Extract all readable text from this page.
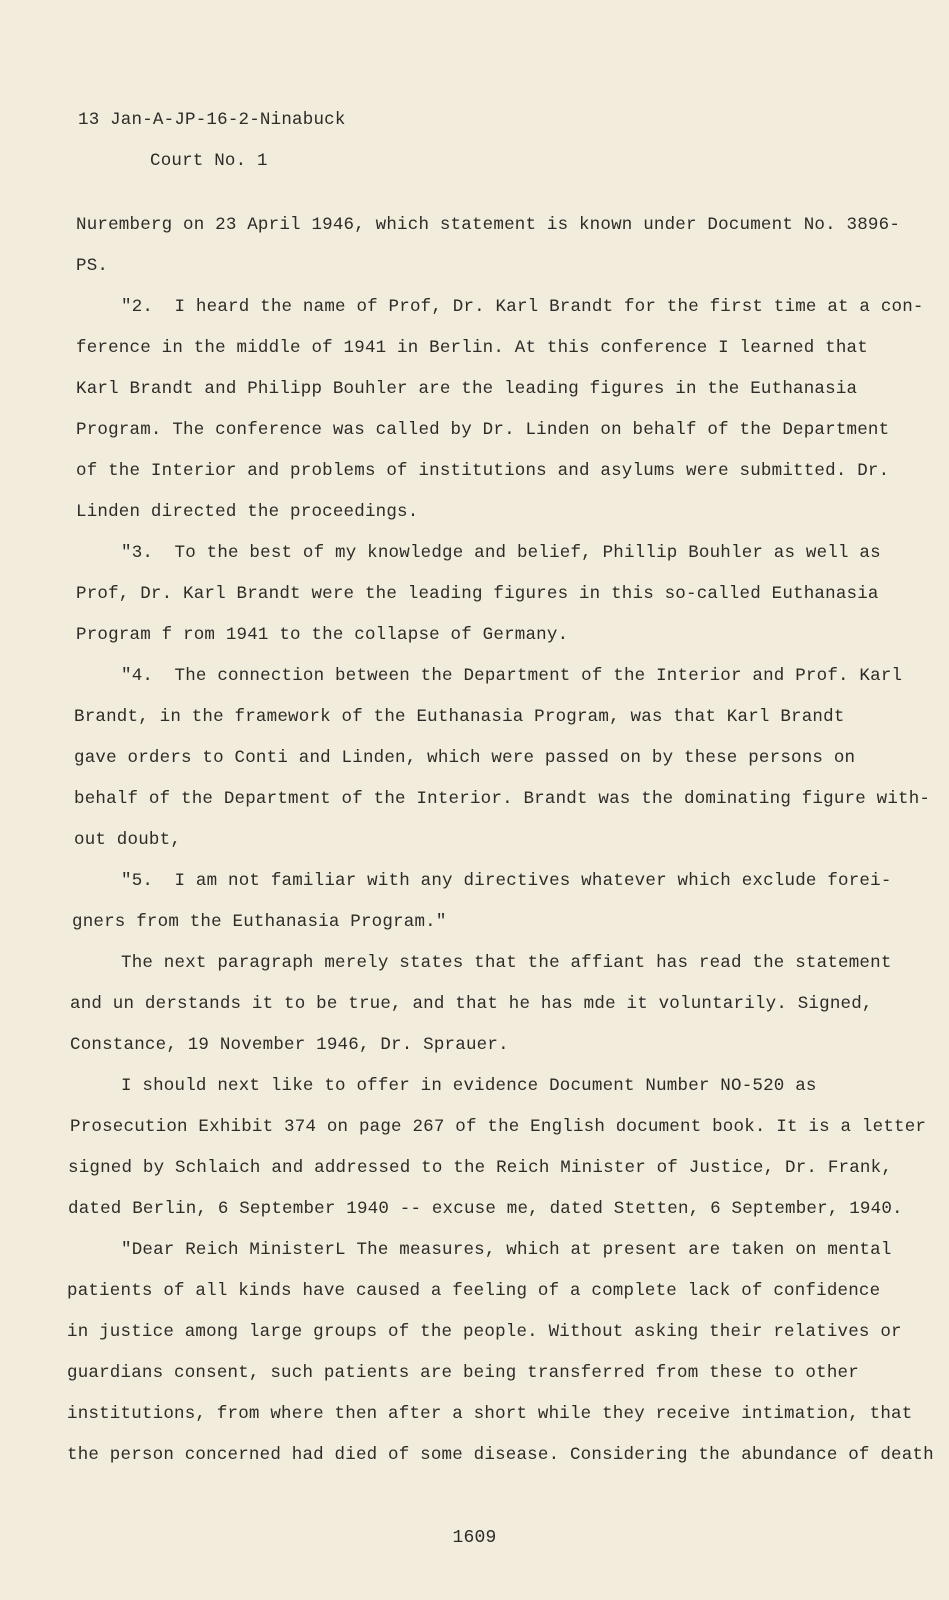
13 Jan-A-JP-16-2-Ninabuck
Court No. 1
Nuremberg on 23 April 1946, which statement is known under Document No. 3896-
PS.
"2.  I heard the name of Prof, Dr. Karl Brandt for the first time at a con-
ference in the middle of 1941 in Berlin. At this conference I learned that
Karl Brandt and Philipp Bouhler are the leading figures in the Euthanasia
Program. The conference was called by Dr. Linden on behalf of the Department
of the Interior and problems of institutions and asylums were submitted. Dr.
Linden directed the proceedings.
"3.  To the best of my knowledge and belief, Phillip Bouhler as well as
Prof, Dr. Karl Brandt were the leading figures in this so-called Euthanasia
Program f rom 1941 to the collapse of Germany.
"4.  The connection between the Department of the Interior and Prof. Karl
Brandt, in the framework of the Euthanasia Program, was that Karl Brandt
gave orders to Conti and Linden, which were passed on by these persons on
behalf of the Department of the Interior. Brandt was the dominating figure with-
out doubt,
"5.  I am not familiar with any directives whatever which exclude forei-
gners from the Euthanasia Program."
The next paragraph merely states that the affiant has read the statement
and un derstands it to be true, and that he has mde it voluntarily. Signed,
Constance, 19 November 1946, Dr. Sprauer.
I should next like to offer in evidence Document Number NO-520 as
Prosecution Exhibit 374 on page 267 of the English document book. It is a letter
signed by Schlaich and addressed to the Reich Minister of Justice, Dr. Frank,
dated Berlin, 6 September 1940 -- excuse me, dated Stetten, 6 September, 1940.
"Dear Reich MinisterL The measures, which at present are taken on mental
patients of all kinds have caused a feeling of a complete lack of confidence
in justice among large groups of the people. Without asking their relatives or
guardians consent, such patients are being transferred from these to other
institutions, from where then after a short while they receive intimation, that
the person concerned had died of some disease. Considering the abundance of death
1609
